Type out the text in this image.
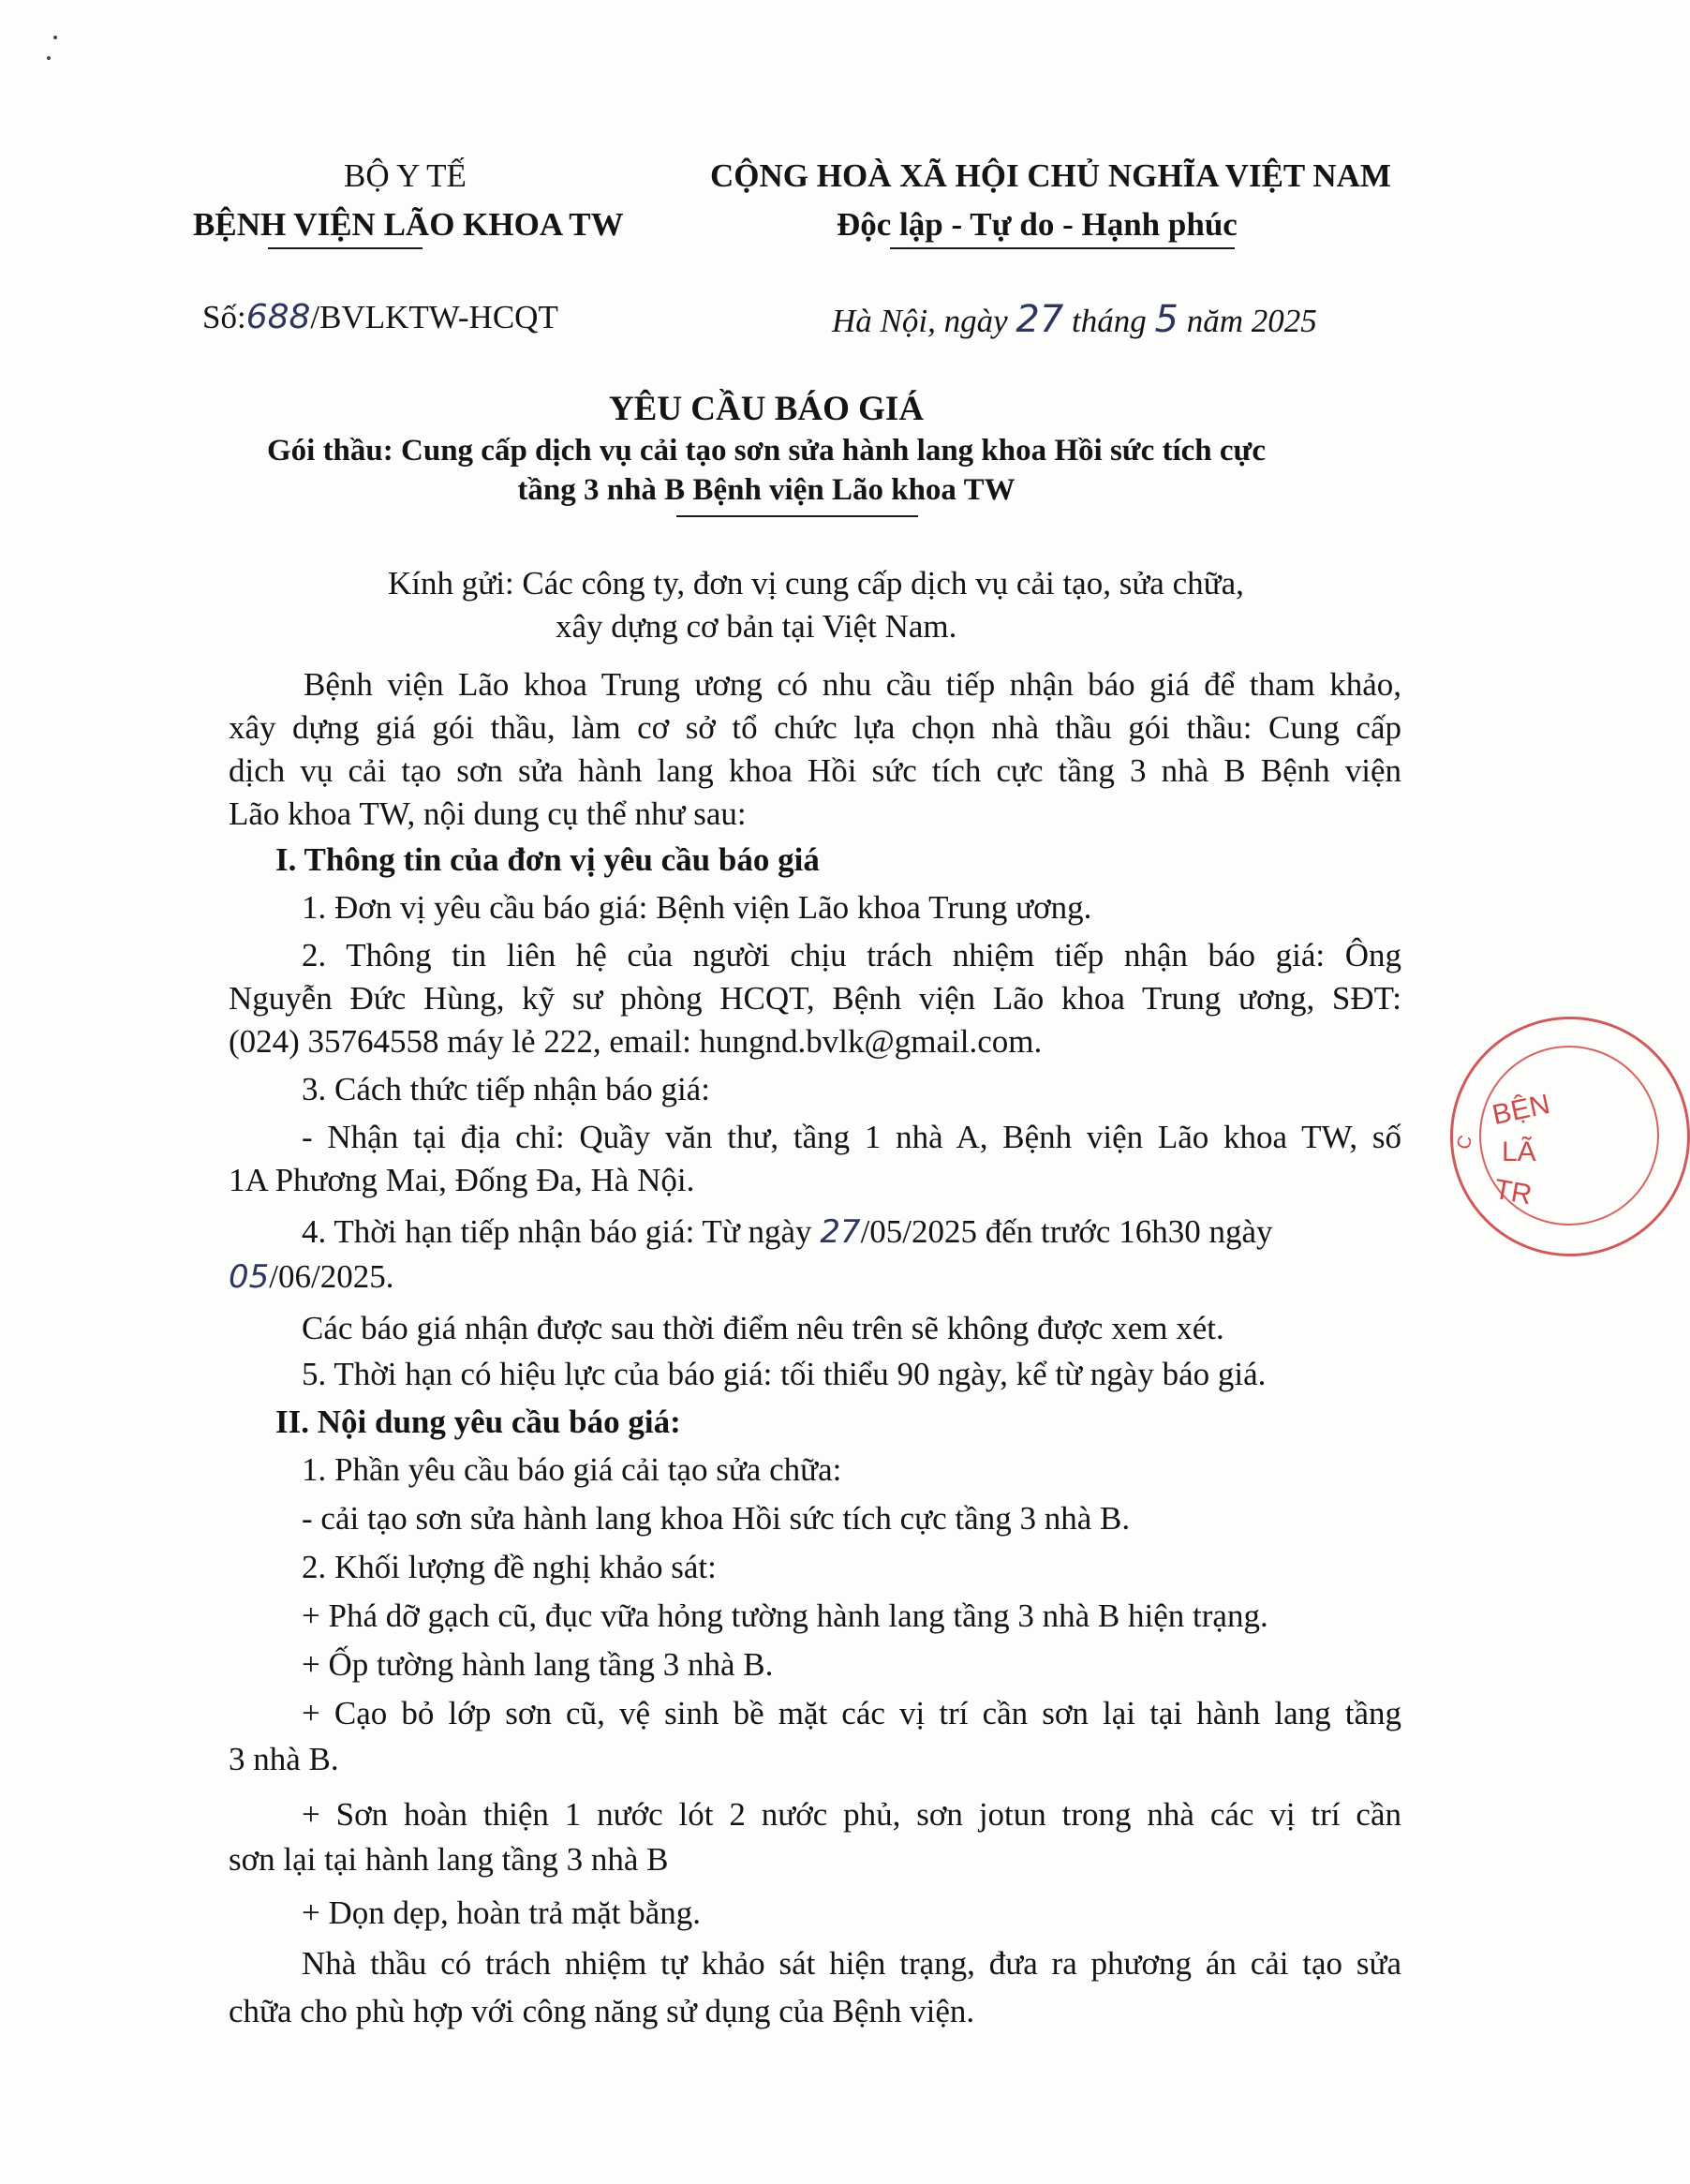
BỘ Y TẾ
BỆNH VIỆN LÃO KHOA TW
CỘNG HOÀ XÃ HỘI CHỦ NGHĨA VIỆT NAM
Độc lập - Tự do - Hạnh phúc
Số:688/BVLKTW-HCQT	Hà Nội, ngày 27 tháng 5 năm 2025
YÊU CẦU BÁO GIÁ
Gói thầu: Cung cấp dịch vụ cải tạo sơn sửa hành lang khoa Hồi sức tích cực
tầng 3 nhà B Bệnh viện Lão khoa TW
Kính gửi: Các công ty, đơn vị cung cấp dịch vụ cải tạo, sửa chữa,
xây dựng cơ bản tại Việt Nam.
Bệnh viện Lão khoa Trung ương có nhu cầu tiếp nhận báo giá để tham khảo,
xây dựng giá gói thầu, làm cơ sở tổ chức lựa chọn nhà thầu gói thầu: Cung cấp
dịch vụ cải tạo sơn sửa hành lang khoa Hồi sức tích cực tầng 3 nhà B Bệnh viện
Lão khoa TW, nội dung cụ thể như sau:
I. Thông tin của đơn vị yêu cầu báo giá
1. Đơn vị yêu cầu báo giá: Bệnh viện Lão khoa Trung ương.
2. Thông tin liên hệ của người chịu trách nhiệm tiếp nhận báo giá: Ông
Nguyễn Đức Hùng, kỹ sư phòng HCQT, Bệnh viện Lão khoa Trung ương, SĐT:
(024) 35764558 máy lẻ 222, email: hungnd.bvlk@gmail.com.
3. Cách thức tiếp nhận báo giá:
- Nhận tại địa chỉ: Quầy văn thư, tầng 1 nhà A, Bệnh viện Lão khoa TW, số
1A Phương Mai, Đống Đa, Hà Nội.
4. Thời hạn tiếp nhận báo giá: Từ ngày 27/05/2025 đến trước 16h30 ngày
05/06/2025.
Các báo giá nhận được sau thời điểm nêu trên sẽ không được xem xét.
5. Thời hạn có hiệu lực của báo giá: tối thiểu 90 ngày, kể từ ngày báo giá.
II. Nội dung yêu cầu báo giá:
1. Phần yêu cầu báo giá cải tạo sửa chữa:
- cải tạo sơn sửa hành lang khoa Hồi sức tích cực tầng 3 nhà B.
2. Khối lượng đề nghị khảo sát:
+ Phá dỡ gạch cũ, đục vữa hỏng tường hành lang tầng 3 nhà B hiện trạng.
+ Ốp tường hành lang tầng 3 nhà B.
+ Cạo bỏ lớp sơn cũ, vệ sinh bề mặt các vị trí cần sơn lại tại hành lang tầng
3 nhà B.
+ Sơn hoàn thiện 1 nước lót 2 nước phủ, sơn jotun trong nhà các vị trí cần
sơn lại tại hành lang tầng 3 nhà B
+ Dọn dẹp, hoàn trả mặt bằng.
Nhà thầu có trách nhiệm tự khảo sát hiện trạng, đưa ra phương án cải tạo sửa
chữa cho phù hợp với công năng sử dụng của Bệnh viện.
BỆN
LÃ
TR
C
